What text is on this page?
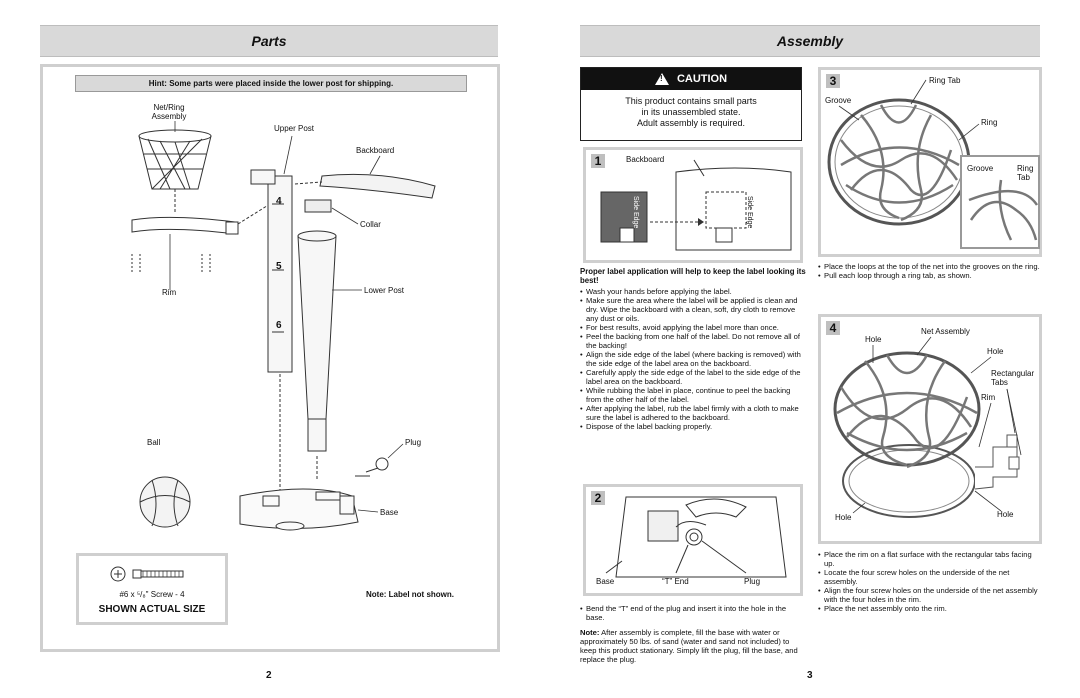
Parts
Hint: Some parts were placed inside the lower post for shipping.
Net/Ring
Assembly
Upper Post
Backboard
Collar
Rim	Lower Post
Ball	Plug
Base
4
5
6
#6 x ⁵/₈" Screw - 4
SHOWN ACTUAL SIZE
Note: Label not shown.
2
Assembly
! CAUTION
This product contains small parts
in its unassembled state.
Adult assembly is required.
1	Backboard
Side Edge	Side Edge
Proper label application will help to keep the label looking its best!
• Wash your hands before applying the label.
• Make sure the area where the label will be applied is clean and dry. Wipe the backboard with a clean, soft, dry cloth to remove any dust or oils.
• For best results, avoid applying the label more than once.
• Peel the backing from one half of the label. Do not remove all of the backing!
• Align the side edge of the label (where backing is removed) with the side edge of the label area on the backboard.
• Carefully apply the side edge of the label to the side edge of the label area on the backboard.
• While rubbing the label in place, continue to peel the backing from the other half of the label.
• After applying the label, rub the label firmly with a cloth to make sure the label is adhered to the backboard.
• Dispose of the label backing properly.
2
Base	“T” End	Plug
• Bend the “T” end of the plug and insert it into the hole in the base.
Note: After assembly is complete, fill the base with water or approximately 50 lbs. of sand (water and sand not included) to keep this product stationary. Simply lift the plug, fill the base, and replace the plug.
3	Ring Tab
Groove
Ring
Groove	Ring
Tab
• Place the loops at the top of the net into the grooves on the ring.
• Pull each loop through a ring tab, as shown.
4	Net Assembly
Hole
Hole
Rectangular
Tabs
Rim
Hole	Hole
• Place the rim on a flat surface with the rectangular tabs facing up.
• Locate the four screw holes on the underside of the net assembly.
• Align the four screw holes on the underside of the net assembly with the four holes in the rim.
• Place the net assembly onto the rim.
3
